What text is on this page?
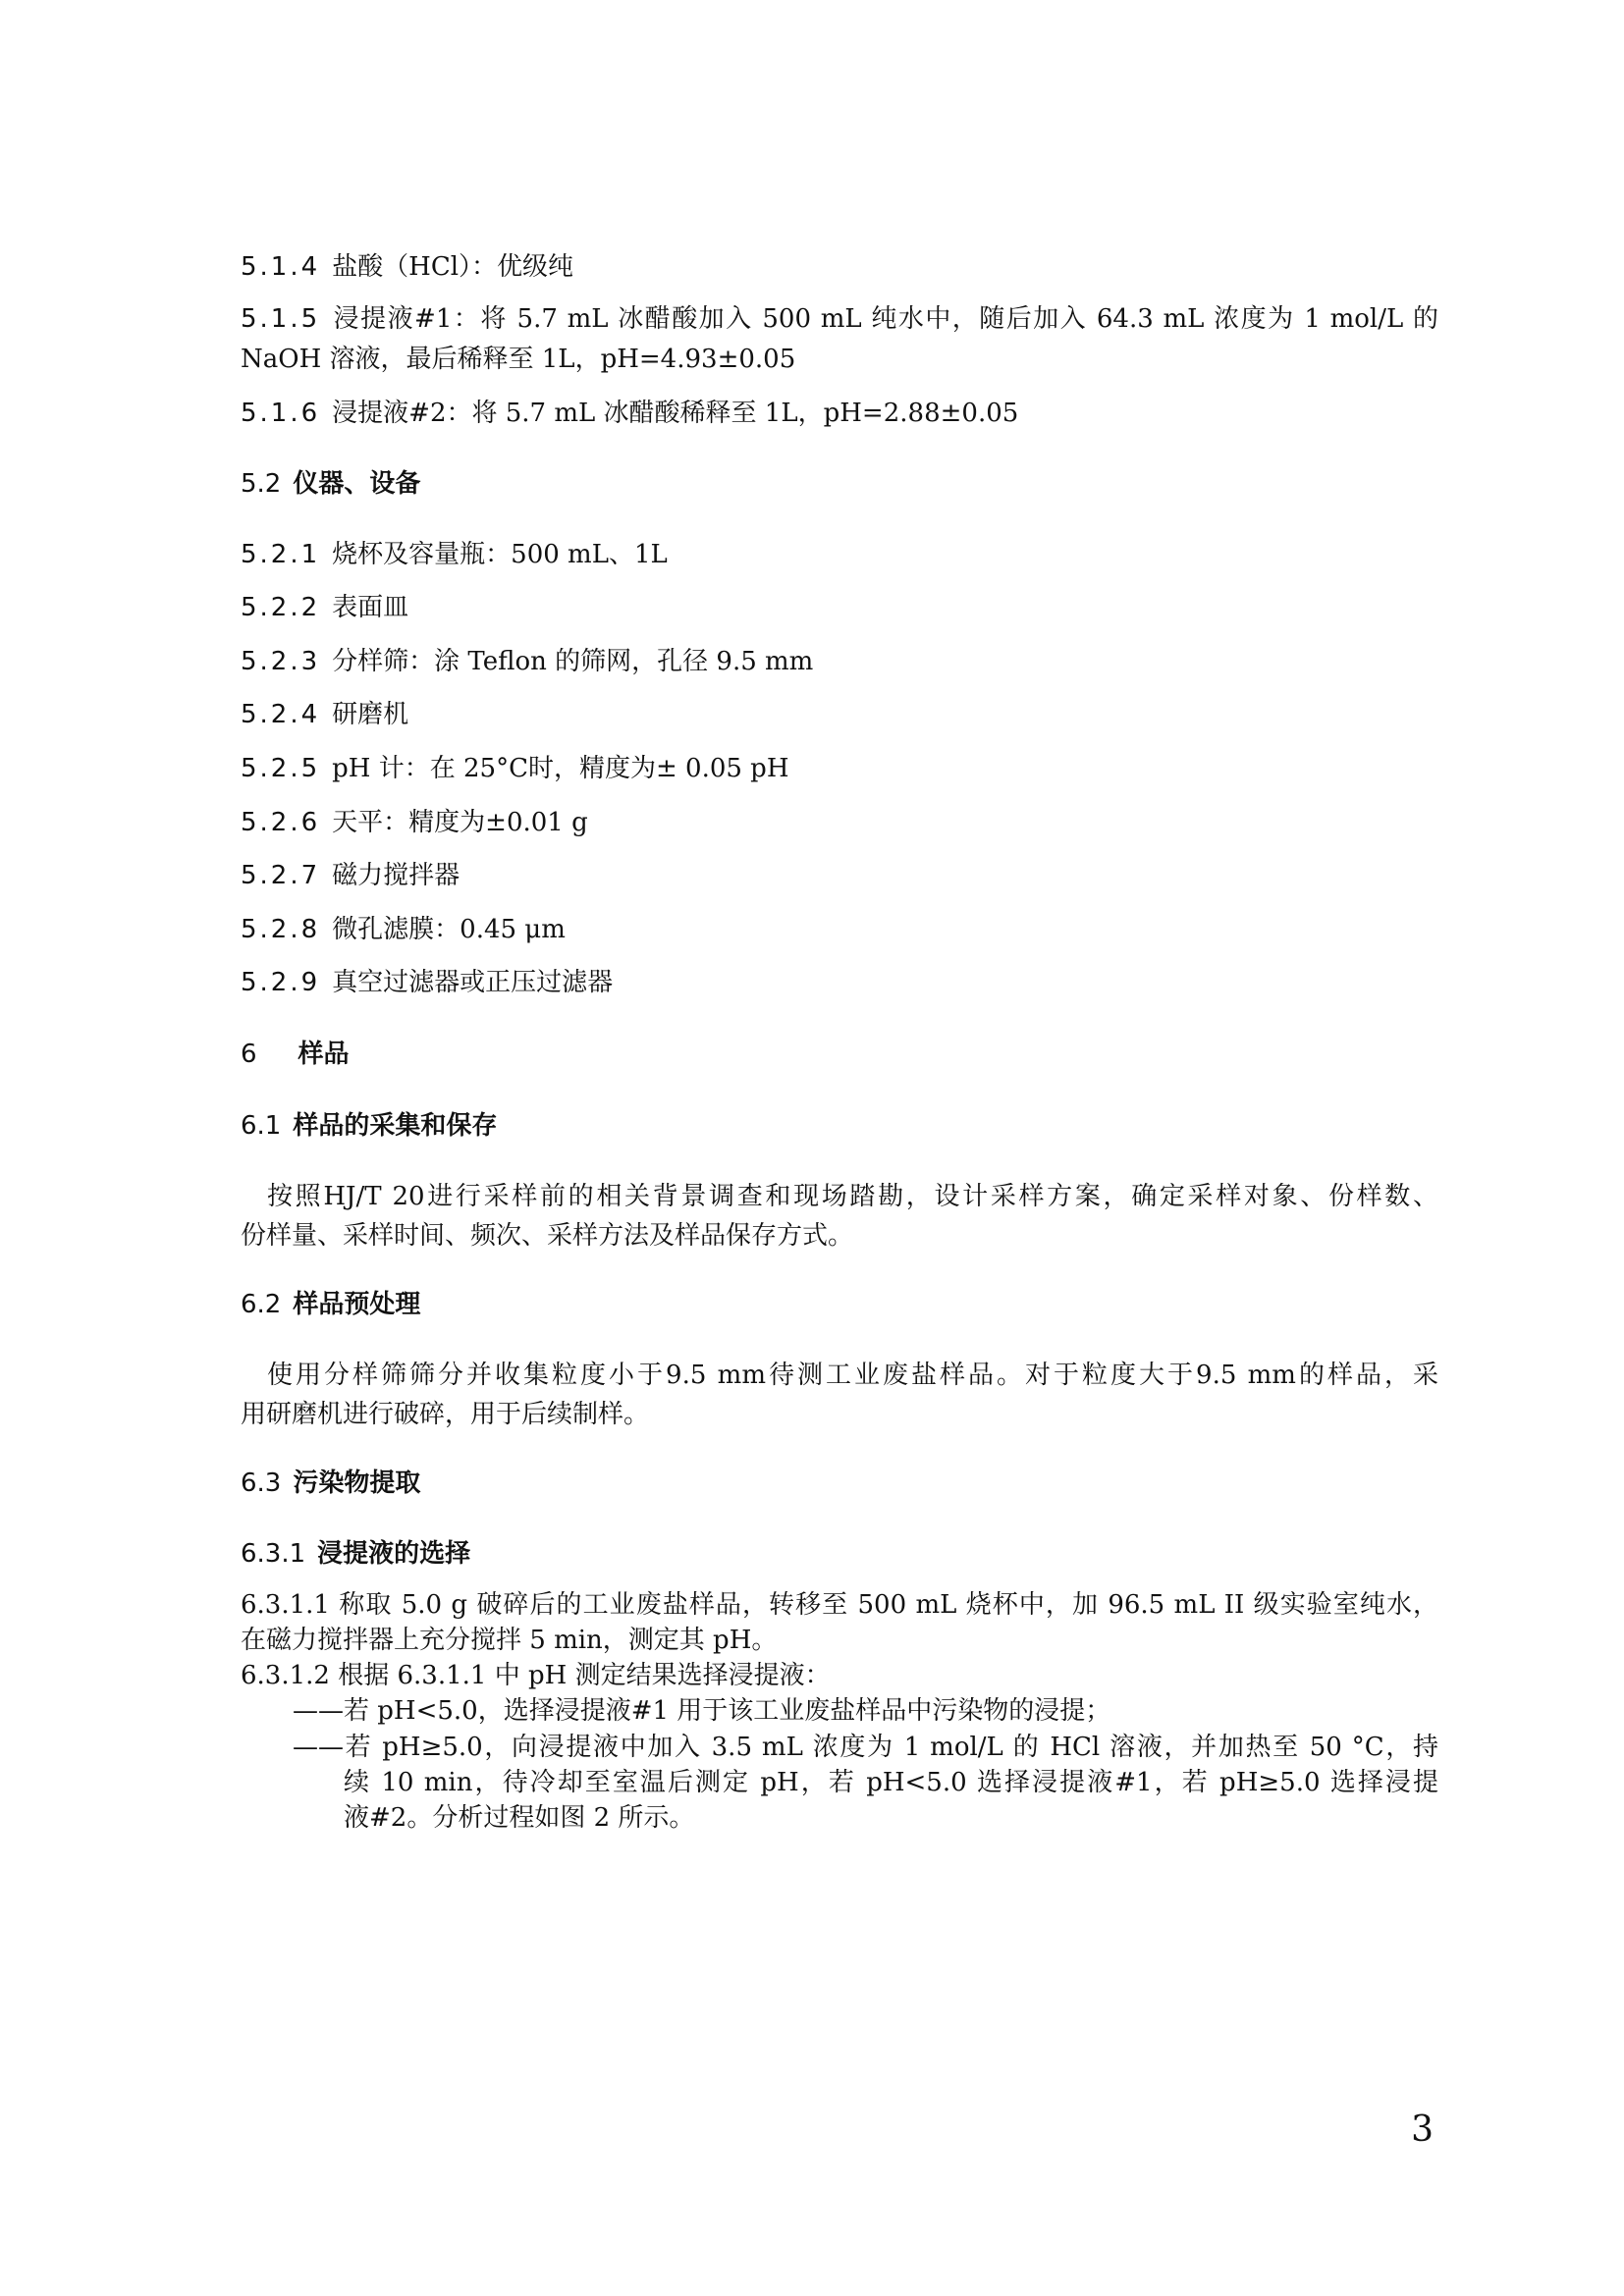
5.1.4 盐酸（HCl）：优级纯

5.1.5 浸提液#1：将 5.7 mL 冰醋酸加入 500 mL 纯水中，随后加入 64.3 mL 浓度为 1 mol/L 的

NaOH 溶液，最后稀释至 1L，pH=4.93±0.05

5.1.6 浸提液#2：将 5.7 mL 冰醋酸稀释至 1L，pH=2.88±0.05

5.2 仪器、设备

5.2.1 烧杯及容量瓶：500 mL、1L

5.2.2 表面皿

5.2.3 分样筛：涂 Teflon 的筛网，孔径 9.5 mm

5.2.4 研磨机

5.2.5 pH 计：在 25°C时，精度为± 0.05 pH

5.2.6 天平：精度为±0.01 g

5.2.7 磁力搅拌器

5.2.8 微孔滤膜：0.45 μm

5.2.9 真空过滤器或正压过滤器

6 样品

6.1 样品的采集和保存

按照HJ/T 20进行采样前的相关背景调查和现场踏勘，设计采样方案，确定采样对象、份样数、

份样量、采样时间、频次、采样方法及样品保存方式。

6.2 样品预处理

使用分样筛筛分并收集粒度小于9.5 mm待测工业废盐样品。对于粒度大于9.5 mm的样品，采

用研磨机进行破碎，用于后续制样。

6.3 污染物提取

6.3.1 浸提液的选择

6.3.1.1 称取 5.0 g 破碎后的工业废盐样品，转移至 500 mL 烧杯中，加 96.5 mL II 级实验室纯水，

在磁力搅拌器上充分搅拌 5 min，测定其 pH。

6.3.1.2 根据 6.3.1.1 中 pH 测定结果选择浸提液：

——若 pH<5.0，选择浸提液#1 用于该工业废盐样品中污染物的浸提；

——若 pH≥5.0，向浸提液中加入 3.5 mL 浓度为 1 mol/L 的 HCl 溶液，并加热至 50 °C，持

续 10 min，待冷却至室温后测定 pH，若 pH<5.0 选择浸提液#1，若 pH≥5.0 选择浸提

液#2。分析过程如图 2 所示。

3
